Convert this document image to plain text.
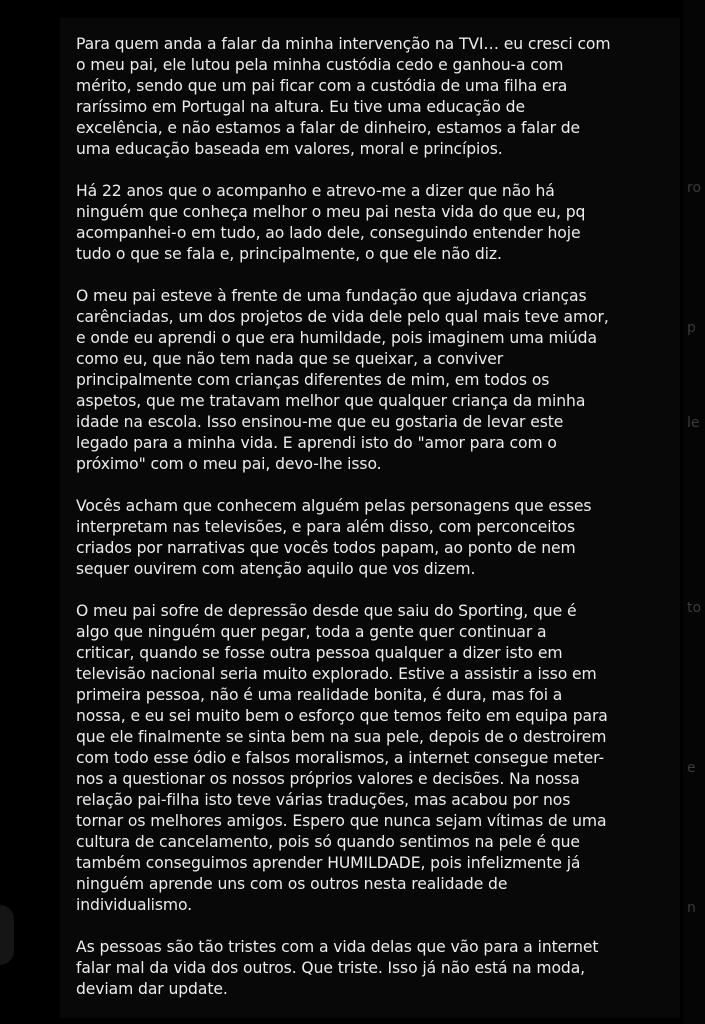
ro
p
le
to
e
n

Para quem anda a falar da minha intervenção na TVI… eu cresci com
o meu pai, ele lutou pela minha custódia cedo e ganhou-a com
mérito, sendo que um pai ficar com a custódia de uma filha era
raríssimo em Portugal na altura. Eu tive uma educação de
excelência, e não estamos a falar de dinheiro, estamos a falar de
uma educação baseada em valores, moral e princípios.

Há 22 anos que o acompanho e atrevo-me a dizer que não há
ninguém que conheça melhor o meu pai nesta vida do que eu, pq
acompanhei-o em tudo, ao lado dele, conseguindo entender hoje
tudo o que se fala e, principalmente, o que ele não diz.

O meu pai esteve à frente de uma fundação que ajudava crianças
carênciadas, um dos projetos de vida dele pelo qual mais teve amor,
e onde eu aprendi o que era humildade, pois imaginem uma miúda
como eu, que não tem nada que se queixar, a conviver
principalmente com crianças diferentes de mim, em todos os
aspetos, que me tratavam melhor que qualquer criança da minha
idade na escola. Isso ensinou-me que eu gostaria de levar este
legado para a minha vida. E aprendi isto do "amor para com o
próximo" com o meu pai, devo-lhe isso.

Vocês acham que conhecem alguém pelas personagens que esses
interpretam nas televisões, e para além disso, com perconceitos
criados por narrativas que vocês todos papam, ao ponto de nem
sequer ouvirem com atenção aquilo que vos dizem.

O meu pai sofre de depressão desde que saiu do Sporting, que é
algo que ninguém quer pegar, toda a gente quer continuar a
criticar, quando se fosse outra pessoa qualquer a dizer isto em
televisão nacional seria muito explorado. Estive a assistir a isso em
primeira pessoa, não é uma realidade bonita, é dura, mas foi a
nossa, e eu sei muito bem o esforço que temos feito em equipa para
que ele finalmente se sinta bem na sua pele, depois de o destroirem
com todo esse ódio e falsos moralismos, a internet consegue meter-
nos a questionar os nossos próprios valores e decisões. Na nossa
relação pai-filha isto teve várias traduções, mas acabou por nos
tornar os melhores amigos. Espero que nunca sejam vítimas de uma
cultura de cancelamento, pois só quando sentimos na pele é que
também conseguimos aprender HUMILDADE, pois infelizmente já
ninguém aprende uns com os outros nesta realidade de
individualismo.

As pessoas são tão tristes com a vida delas que vão para a internet
falar mal da vida dos outros. Que triste. Isso já não está na moda,
deviam dar update.
